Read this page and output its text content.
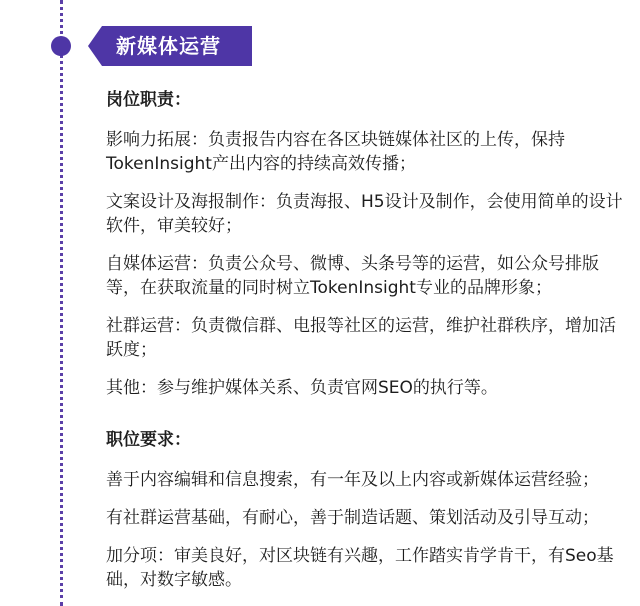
新媒体运营
岗位职责：

影响力拓展：负责报告内容在各区块链媒体社区的上传，保持TokenInsight产出内容的持续高效传播；

文案设计及海报制作：负责海报、H5设计及制作，会使用简单的设计软件，审美较好；

自媒体运营：负责公众号、微博、头条号等的运营，如公众号排版等，在获取流量的同时树立TokenInsight专业的品牌形象；

社群运营：负责微信群、电报等社区的运营，维护社群秩序，增加活跃度；

其他：参与维护媒体关系、负责官网SEO的执行等。

职位要求：

善于内容编辑和信息搜索，有一年及以上内容或新媒体运营经验；

有社群运营基础，有耐心，善于制造话题、策划活动及引导互动；

加分项：审美良好，对区块链有兴趣，工作踏实肯学肯干，有Seo基础，对数字敏感。
